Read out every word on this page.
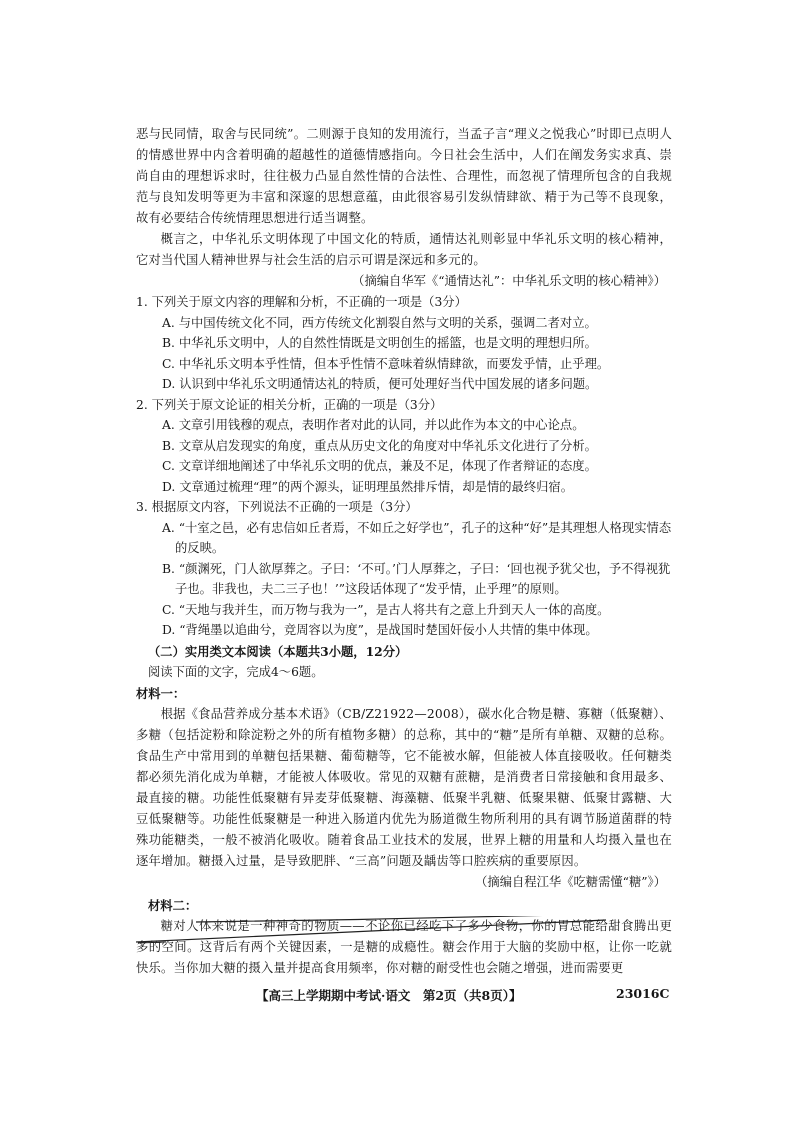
恶与民同情，取舍与民同统”。二则源于良知的发用流行，当孟子言“理义之悦我心”时即已点明人的情感世界中内含着明确的超越性的道德情感指向。今日社会生活中，人们在阐发务实求真、崇尚自由的理想诉求时，往往极力凸显自然性情的合法性、合理性，而忽视了情理所包含的自我规范与良知发明等更为丰富和深邃的思想意蕴，由此很容易引发纵情肆欲、精于为己等不良现象，故有必要结合传统情理思想进行适当调整。

概言之，中华礼乐文明体现了中国文化的特质，通情达礼则彰显中华礼乐文明的核心精神，它对当代国人精神世界与社会生活的启示可谓是深远和多元的。

（摘编自华军《“通情达礼”：中华礼乐文明的核心精神》）

1. 下列关于原文内容的理解和分析，不正确的一项是（3分）

A. 与中国传统文化不同，西方传统文化割裂自然与文明的关系，强调二者对立。

B. 中华礼乐文明中，人的自然性情既是文明创生的摇篮，也是文明的理想归所。

C. 中华礼乐文明本乎性情，但本乎性情不意味着纵情肆欲，而要发乎情，止乎理。

D. 认识到中华礼乐文明通情达礼的特质，便可处理好当代中国发展的诸多问题。

2. 下列关于原文论证的相关分析，正确的一项是（3分）

A. 文章引用钱穆的观点，表明作者对此的认同，并以此作为本文的中心论点。

B. 文章从启发现实的角度，重点从历史文化的角度对中华礼乐文化进行了分析。

C. 文章详细地阐述了中华礼乐文明的优点，兼及不足，体现了作者辩证的态度。

D. 文章通过梳理“理”的两个源头，证明理虽然排斥情，却是情的最终归宿。

3. 根据原文内容，下列说法不正确的一项是（3分）

A. “十室之邑，必有忠信如丘者焉，不如丘之好学也”，孔子的这种“好”是其理想人格现实情态的反映。

B. “颜渊死，门人欲厚葬之。子曰：‘不可。’门人厚葬之，子曰：‘回也视予犹父也，予不得视犹子也。非我也，夫二三子也！’”这段话体现了“发乎情，止乎理”的原则。

C. “天地与我并生，而万物与我为一”，是古人将共有之意上升到天人一体的高度。

D. “背绳墨以追曲兮，竞周容以为度”，是战国时楚国奸佞小人共情的集中体现。

（二）实用类文本阅读（本题共3小题，12分）

阅读下面的文字，完成4～6题。

材料一：

根据《食品营养成分基本术语》（CB/Z21922—2008），碳水化合物是糖、寡糖（低聚糖）、多糖（包括淀粉和除淀粉之外的所有植物多糖）的总称，其中的“糖”是所有单糖、双糖的总称。食品生产中常用到的单糖包括果糖、葡萄糖等，它不能被水解，但能被人体直接吸收。任何糖类都必须先消化成为单糖，才能被人体吸收。常见的双糖有蔗糖，是消费者日常接触和食用最多、最直接的糖。功能性低聚糖有异麦芽低聚糖、海藻糖、低聚半乳糖、低聚果糖、低聚甘露糖、大豆低聚糖等。功能性低聚糖是一种进入肠道内优先为肠道微生物所利用的具有调节肠道菌群的特殊功能糖类，一般不被消化吸收。随着食品工业技术的发展，世界上糖的用量和人均摄入量也在逐年增加。糖摄入过量，是导致肥胖、“三高”问题及龋齿等口腔疾病的重要原因。

（摘编自程江华《吃糖需懂“糖”》）

材料二：

糖对人体来说是一种神奇的物质——不论你已经吃下了多少食物，你的胃总能给甜食腾出更多的空间。这背后有两个关键因素，一是糖的成瘾性。糖会作用于大脑的奖励中枢，让你一吃就快乐。当你加大糖的摄入量并提高食用频率，你对糖的耐受性也会随之增强，进而需要更

【高三上学期期中考试·语文　第2页（共8页）】	23016C
